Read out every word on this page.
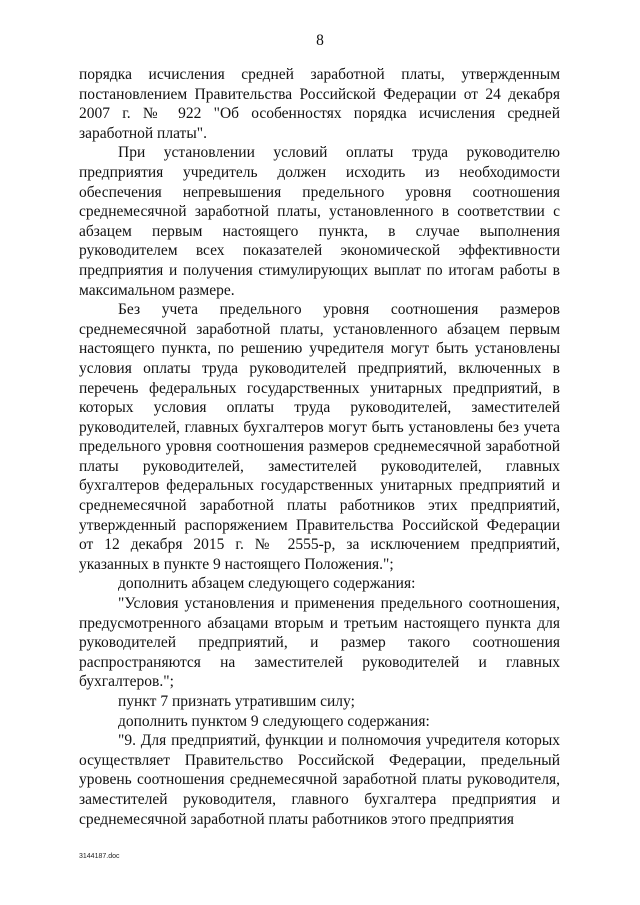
8

порядка исчисления средней заработной платы, утвержденным постановлением Правительства Российской Федерации от 24 декабря 2007 г. № 922 "Об особенностях порядка исчисления средней заработной платы".

При установлении условий оплаты труда руководителю предприятия учредитель должен исходить из необходимости обеспечения непревышения предельного уровня соотношения среднемесячной заработной платы, установленного в соответствии с абзацем первым настоящего пункта, в случае выполнения руководителем всех показателей экономической эффективности предприятия и получения стимулирующих выплат по итогам работы в максимальном размере.

Без учета предельного уровня соотношения размеров среднемесячной заработной платы, установленного абзацем первым настоящего пункта, по решению учредителя могут быть установлены условия оплаты труда руководителей предприятий, включенных в перечень федеральных государственных унитарных предприятий, в которых условия оплаты труда руководителей, заместителей руководителей, главных бухгалтеров могут быть установлены без учета предельного уровня соотношения размеров среднемесячной заработной платы руководителей, заместителей руководителей, главных бухгалтеров федеральных государственных унитарных предприятий и среднемесячной заработной платы работников этих предприятий, утвержденный распоряжением Правительства Российской Федерации от 12 декабря 2015 г. № 2555-р, за исключением предприятий, указанных в пункте 9 настоящего Положения.";

дополнить абзацем следующего содержания:

"Условия установления и применения предельного соотношения, предусмотренного абзацами вторым и третьим настоящего пункта для руководителей предприятий, и размер такого соотношения распространяются на заместителей руководителей и главных бухгалтеров.";

пункт 7 признать утратившим силу;

дополнить пунктом 9 следующего содержания:

"9. Для предприятий, функции и полномочия учредителя которых осуществляет Правительство Российской Федерации, предельный уровень соотношения среднемесячной заработной платы руководителя, заместителей руководителя, главного бухгалтера предприятия и среднемесячной заработной платы работников этого предприятия

3144187.doc
